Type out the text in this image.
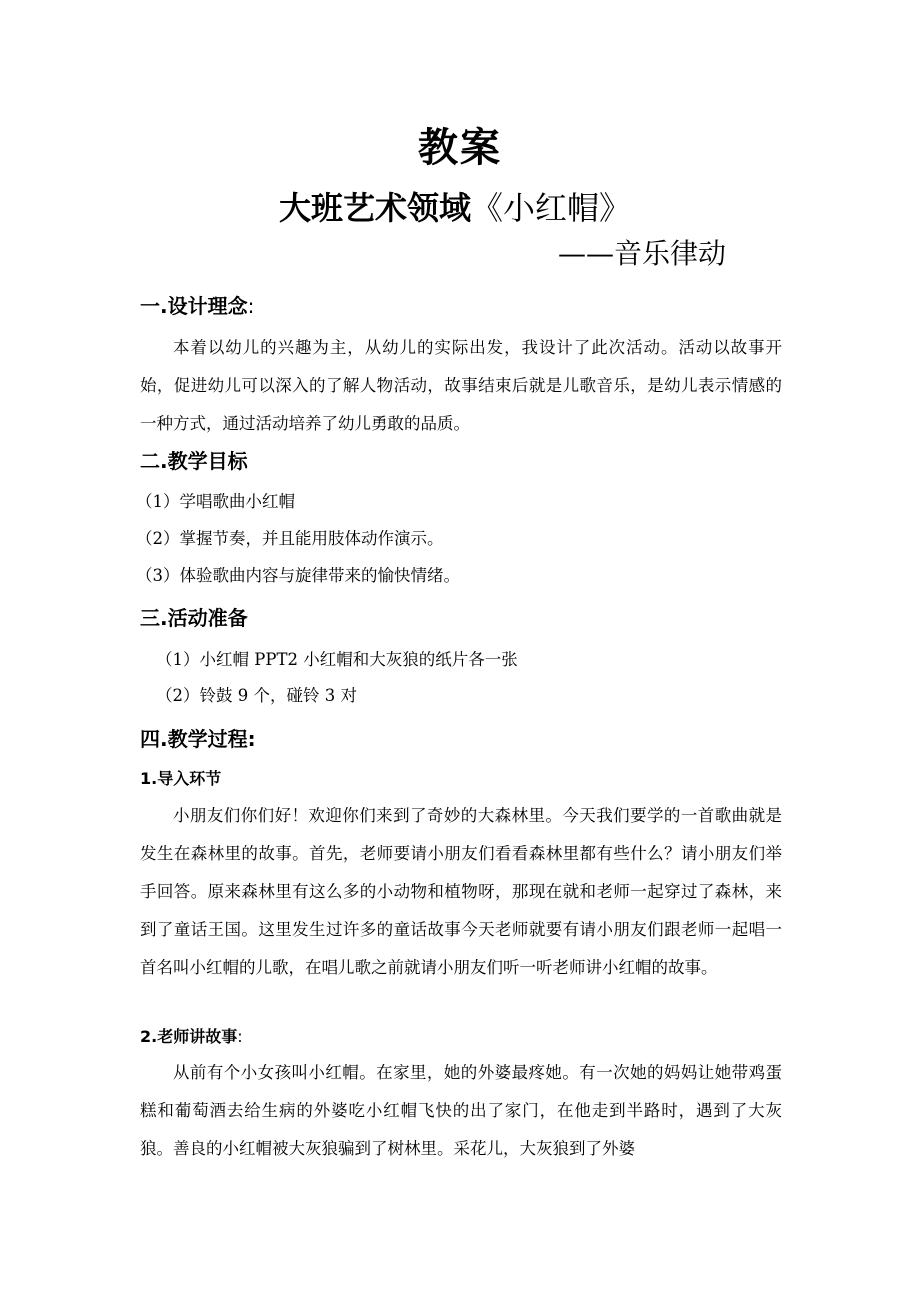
教案
大班艺术领域《小红帽》
——音乐律动
一.设计理念:

本着以幼儿的兴趣为主，从幼儿的实际出发，我设计了此次活动。活动以故事开始，促进幼儿可以深入的了解人物活动，故事结束后就是儿歌音乐，是幼儿表示情感的一种方式，通过活动培养了幼儿勇敢的品质。

二.教学目标
（1）学唱歌曲小红帽
（2）掌握节奏，并且能用肢体动作演示。
（3）体验歌曲内容与旋律带来的愉快情绪。
三.活动准备
（1）小红帽 PPT2 小红帽和大灰狼的纸片各一张
（2）铃鼓 9 个，碰铃 3 对
四.教学过程:
1.导入环节

小朋友们你们好！欢迎你们来到了奇妙的大森林里。今天我们要学的一首歌曲就是发生在森林里的故事。首先，老师要请小朋友们看看森林里都有些什么？请小朋友们举手回答。原来森林里有这么多的小动物和植物呀，那现在就和老师一起穿过了森林，来到了童话王国。这里发生过许多的童话故事今天老师就要有请小朋友们跟老师一起唱一首名叫小红帽的儿歌，在唱儿歌之前就请小朋友们听一听老师讲小红帽的故事。

2.老师讲故事:

从前有个小女孩叫小红帽。在家里，她的外婆最疼她。有一次她的妈妈让她带鸡蛋糕和葡萄酒去给生病的外婆吃小红帽飞快的出了家门，在他走到半路时，遇到了大灰狼。善良的小红帽被大灰狼骗到了树林里。采花儿，大灰狼到了外婆
